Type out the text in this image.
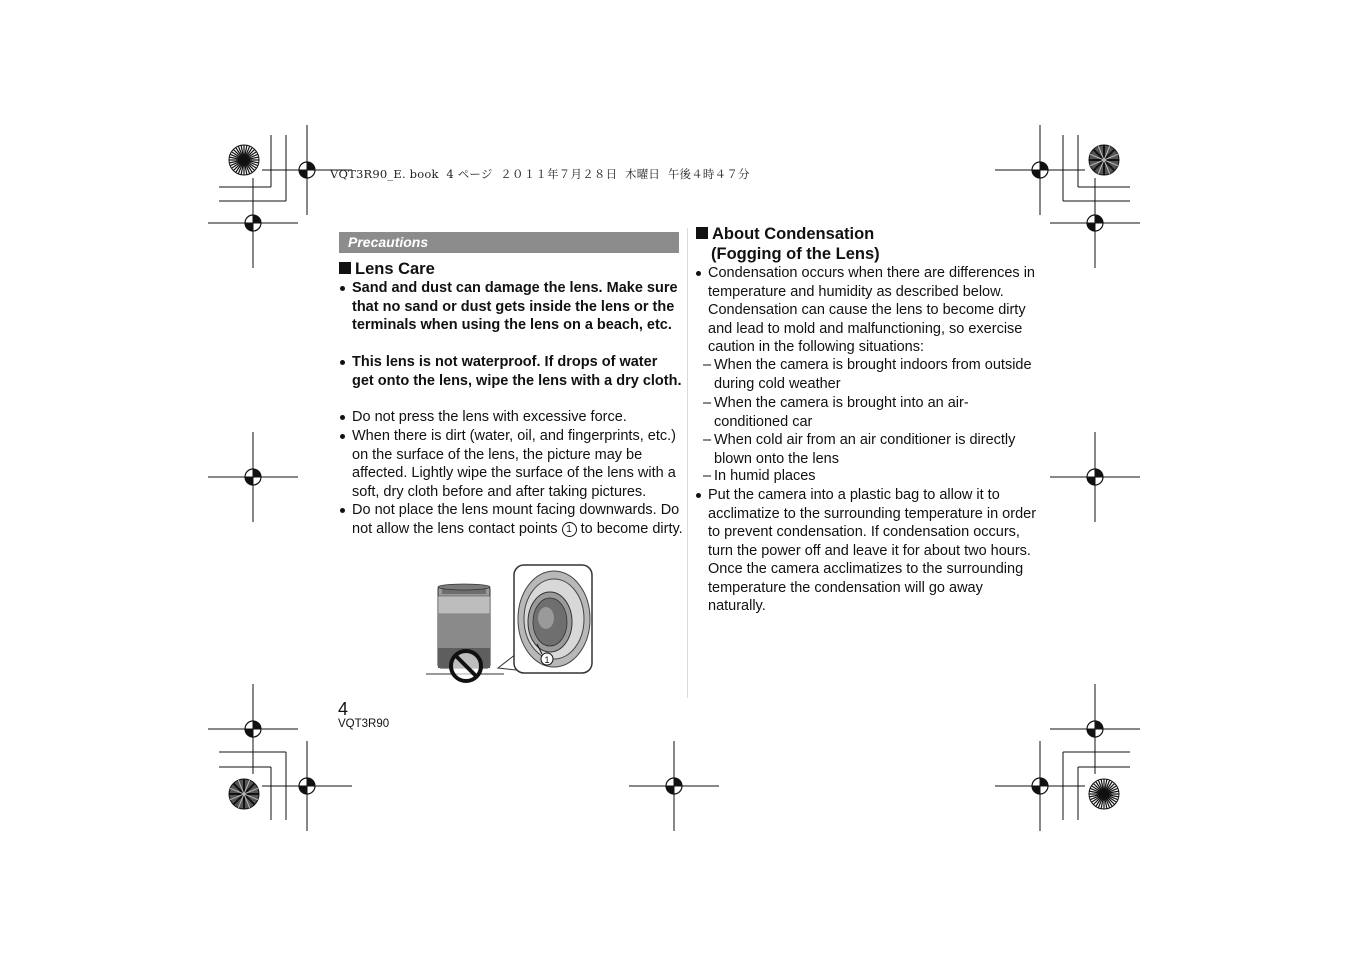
VQT3R90_E. book  4 ページ  ２０１１年７月２８日  木曜日  午後４時４７分
Precautions
Lens Care
Sand and dust can damage the lens. Make sure that no sand or dust gets inside the lens or the terminals when using the lens on a beach, etc.
This lens is not waterproof. If drops of water get onto the lens, wipe the lens with a dry cloth.
Do not press the lens with excessive force.
When there is dirt (water, oil, and fingerprints, etc.) on the surface of the lens, the picture may be affected. Lightly wipe the surface of the lens with a soft, dry cloth before and after taking pictures.
Do not place the lens mount facing downwards. Do not allow the lens contact points 1 to become dirty.
1
About Condensation
(Fogging of the Lens)
Condensation occurs when there are differences in temperature and humidity as described below. Condensation can cause the lens to become dirty and lead to mold and malfunctioning, so exercise caution in the following situations:
– When the camera is brought indoors from outside during cold weather
– When the camera is brought into an air-conditioned car
– When cold air from an air conditioner is directly blown onto the lens
– In humid places
Put the camera into a plastic bag to allow it to acclimatize to the surrounding temperature in order to prevent condensation. If condensation occurs, turn the power off and leave it for about two hours. Once the camera acclimatizes to the surrounding temperature the condensation will go away naturally.
4
VQT3R90
